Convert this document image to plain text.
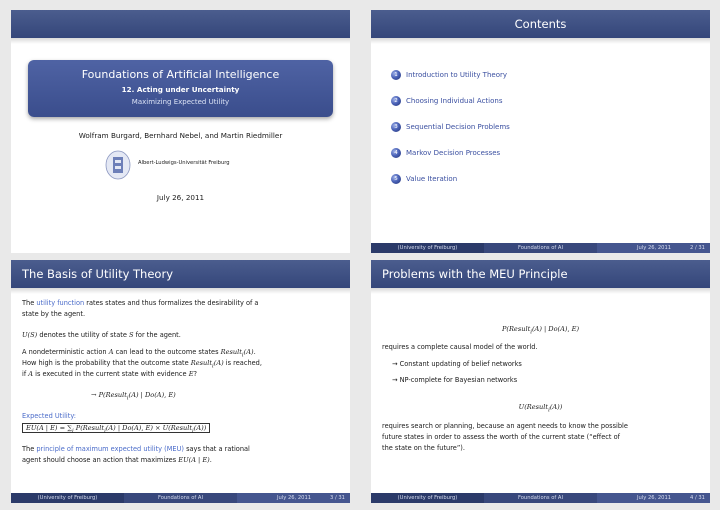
Foundations of Artificial Intelligence
12. Acting under Uncertainty
Maximizing Expected Utility
Wolfram Burgard, Bernhard Nebel, and Martin Riedmiller
Albert-Ludwigs-Universität Freiburg
July 26, 2011
Contents
1	Introduction to Utility Theory
2	Choosing Individual Actions
3	Sequential Decision Problems
4	Markov Decision Processes
5	Value Iteration
(University of Freiburg)	Foundations of AI	July 26, 2011	2 / 31
The Basis of Utility Theory
The utility function rates states and thus formalizes the desirability of a
state by the agent.
U(S) denotes the utility of state S for the agent.
A nondeterministic action A can lead to the outcome states Result$_i$(A).
How high is the probability that the outcome state Result$_i$(A) is reached,
if A is executed in the current state with evidence E?
→ P(Result$_i$(A) | Do(A), E)
Expected Utility:
EU(A | $E) = \sum_i$ P(Result$_i$(A) | Do(A), E) × U(Result$_i$(A))
The principle of maximum expected utility (MEU) says that a rational
agent should choose an action that maximizes EU(A | E).
(University of Freiburg)	Foundations of AI	July 26, 2011	3 / 31
Problems with the MEU Principle
P(Result$_i$(A) | Do(A), E)
requires a complete causal model of the world.
→ Constant updating of belief networks
→ NP-complete for Bayesian networks
U(Result$_i$(A))
requires search or planning, because an agent needs to know the possible
future states in order to assess the worth of the current state (“effect of
the state on the future”).
(University of Freiburg)	Foundations of AI	July 26, 2011	4 / 31
